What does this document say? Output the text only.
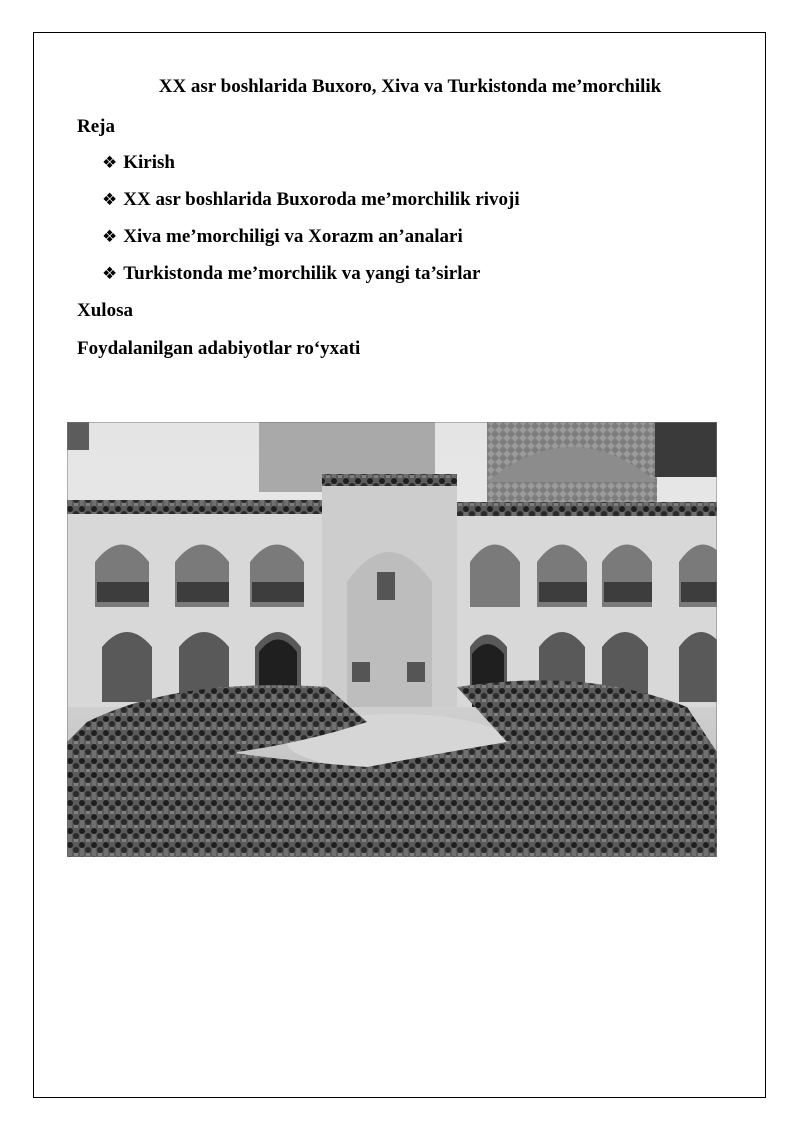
XX asr boshlarida Buxoro, Xiva va Turkistonda me’morchilik
Reja
❖ Kirish
❖ XX asr boshlarida Buxoroda me’morchilik rivoji
❖ Xiva me’morchiligi va Xorazm an’analari
❖ Turkistonda me’morchilik va yangi ta’sirlar
Xulosa
Foydalanilgan adabiyotlar ro‘yxati
